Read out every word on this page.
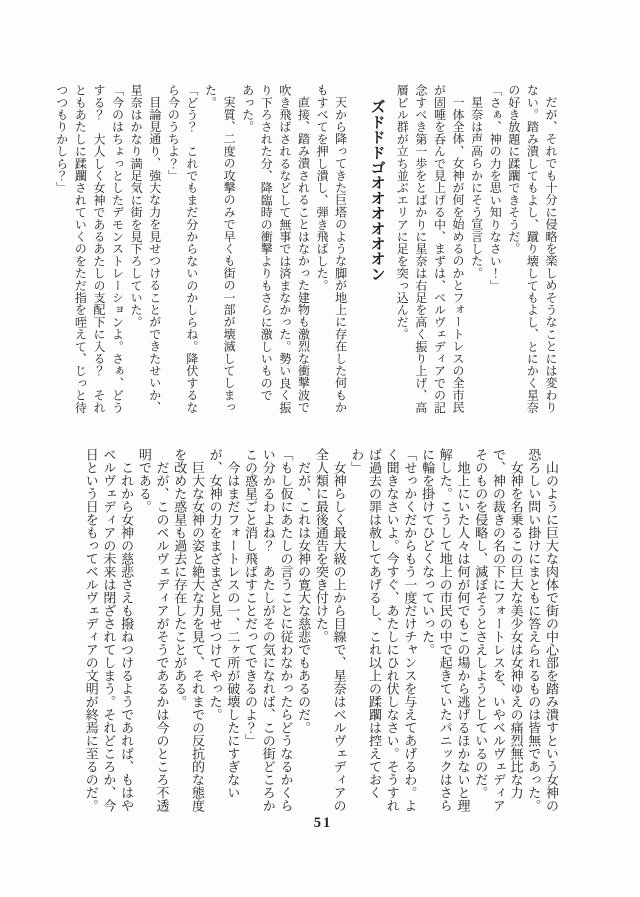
だが、それでも十分に侵略を楽しめそうなことには変わりない。踏み潰してもよし、蹴り壊してもよし、とにかく星奈の好き放題に蹂躙できそうだ。

「さぁ、神の力を思い知りなさい！」

星奈は声高らかにそう宣言した。

一体全体、女神が何を始めるのかとフォートレスの全市民が固唾を呑んで見上げる中、まずは、ベルヴェディアでの記念すべき第一歩をとばかりに星奈は右足を高く振り上げ、高層ビル群が立ち並ぶエリアに足を突っ込んだ。

ズドドドゴオオオオオオン

天から降ってきた巨塔のような脚が地上に存在した何もかもすべてを押し潰し、弾き飛ばした。

直接、踏み潰されることはなかった建物も激烈な衝撃波で吹き飛ばされるなどして無事では済まなかった。勢い良く振り下ろされた分、降臨時の衝撃よりもさらに激しいものであった。

実質、二度の攻撃のみで早くも街の一部が壊滅してしまった。

「どう？　これでもまだ分からないのかしらね。降伏するなら今のうちよ？」

目論見通り、強大な力を見せつけることができたせいか、星奈はかなり満足気に街を見下ろしていた。

「今のはちょっとしたデモンストレーションよ。さぁ、どうする？　大人しく女神であるあたしの支配下に入る？　それともあたしに蹂躙されていくのをただ指を咥えて、じっと待つつもりかしら？」

山のように巨大な肉体で街の中心部を踏み潰すという女神の恐ろしい問い掛けにまともに答えられるものは皆無であった。

女神を名乗るこの巨大な美少女は女神ゆえの痛烈無比な力で、神の裁きの名の下にフォートレスを、いやベルヴェディアそのものを侵略し、滅ぼそうとさえしようとしているのだ。

地上にいた人々は何が何でもこの場から逃げるほかないと理解した。こうして地上の市民の中で起きていたパニックはさらに輪を掛けてひどくなっていった。

「せっかくだからもう一度だけチャンスを与えてあげるわ。よく聞きなさいよ。今すぐ、あたしにひれ伏しなさい。そうすれば過去の罪は赦してあげるし、これ以上の蹂躙は控えておくわ」

女神らしく最大級の上から目線で、星奈はベルヴェディアの全人類に最後通告を突き付けた。

だが、これは女神の寛大な慈悲でもあるのだ。

「もし仮にあたしの言うことに従わなかったらどうなるかくらい分かるわよね？　あたしがその気になれば、この街どころかこの惑星ごと消し飛ばすことだってできるのよ？」

今はまだフォートレスの一、二ヶ所が破壊したにすぎないが、女神の力をまざまざと見せつけてやった。

巨大な女神の姿と絶大な力を見て、それまでの反抗的な態度を改めた惑星も過去に存在したことがある。

だが、このベルヴェディアがそうであるかは今のところ不透明である。

これから女神の慈悲さえも撥ねつけるようであれば、もはやベルヴェディアの未来は閉ざされてしまう。それどころか、今日という日をもってベルヴェディアの文明が終焉に至るのだ。

51
